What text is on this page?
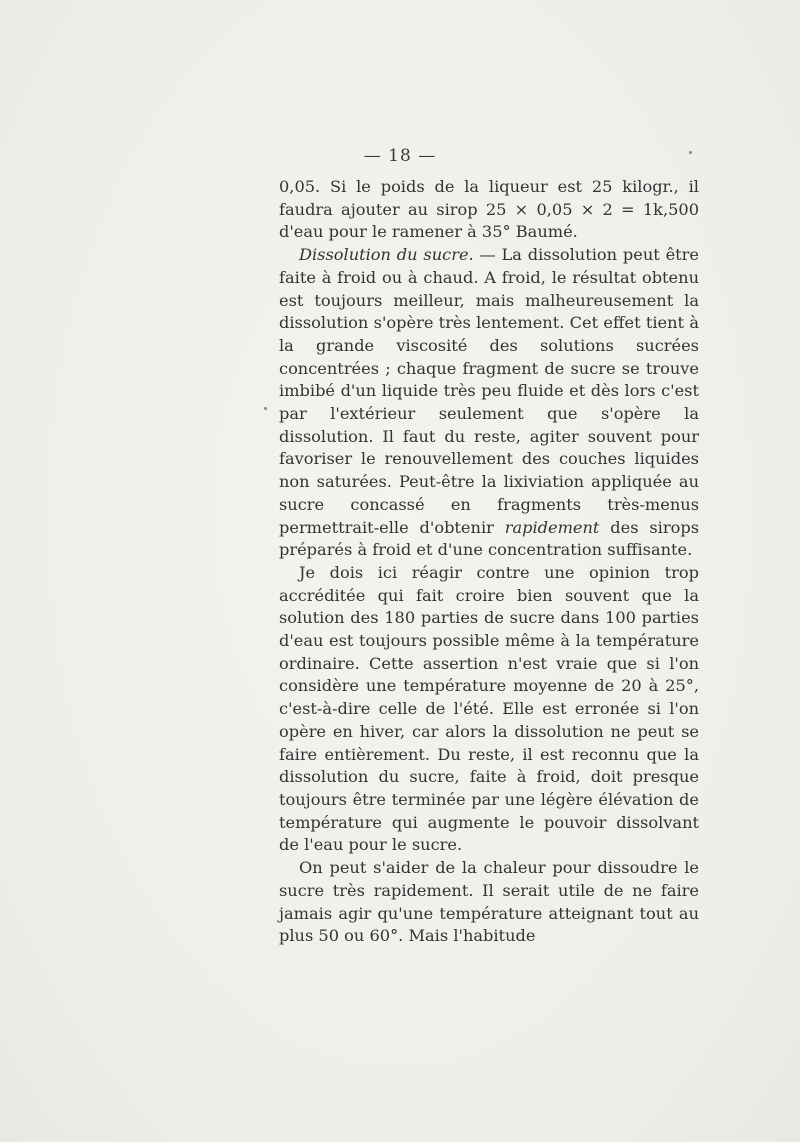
— 18 —

0,05. Si le poids de la liqueur est 25 kilogr., il faudra ajouter au sirop 25 × 0,05 × 2 = 1k,500 d'eau pour le ramener à 35° Baumé.

Dissolution du sucre. — La dissolution peut être faite à froid ou à chaud. A froid, le résultat obtenu est toujours meilleur, mais malheureusement la dissolution s'opère très lentement. Cet effet tient à la grande viscosité des solutions sucrées concentrées ; chaque fragment de sucre se trouve imbibé d'un liquide très peu fluide et dès lors c'est par l'extérieur seulement que s'opère la dissolution. Il faut du reste, agiter souvent pour favoriser le renouvellement des couches liquides non saturées. Peut-être la lixiviation appliquée au sucre concassé en fragments très-menus permettrait-elle d'obtenir rapidement des sirops préparés à froid et d'une concentration suffisante.

Je dois ici réagir contre une opinion trop accréditée qui fait croire bien souvent que la solution des 180 parties de sucre dans 100 parties d'eau est toujours possible même à la température ordinaire. Cette assertion n'est vraie que si l'on considère une température moyenne de 20 à 25°, c'est-à-dire celle de l'été. Elle est erronée si l'on opère en hiver, car alors la dissolution ne peut se faire entièrement. Du reste, il est reconnu que la dissolution du sucre, faite à froid, doit presque toujours être terminée par une légère élévation de température qui augmente le pouvoir dissolvant de l'eau pour le sucre.

On peut s'aider de la chaleur pour dissoudre le sucre très rapidement. Il serait utile de ne faire jamais agir qu'une température atteignant tout au plus 50 ou 60°. Mais l'habitude
